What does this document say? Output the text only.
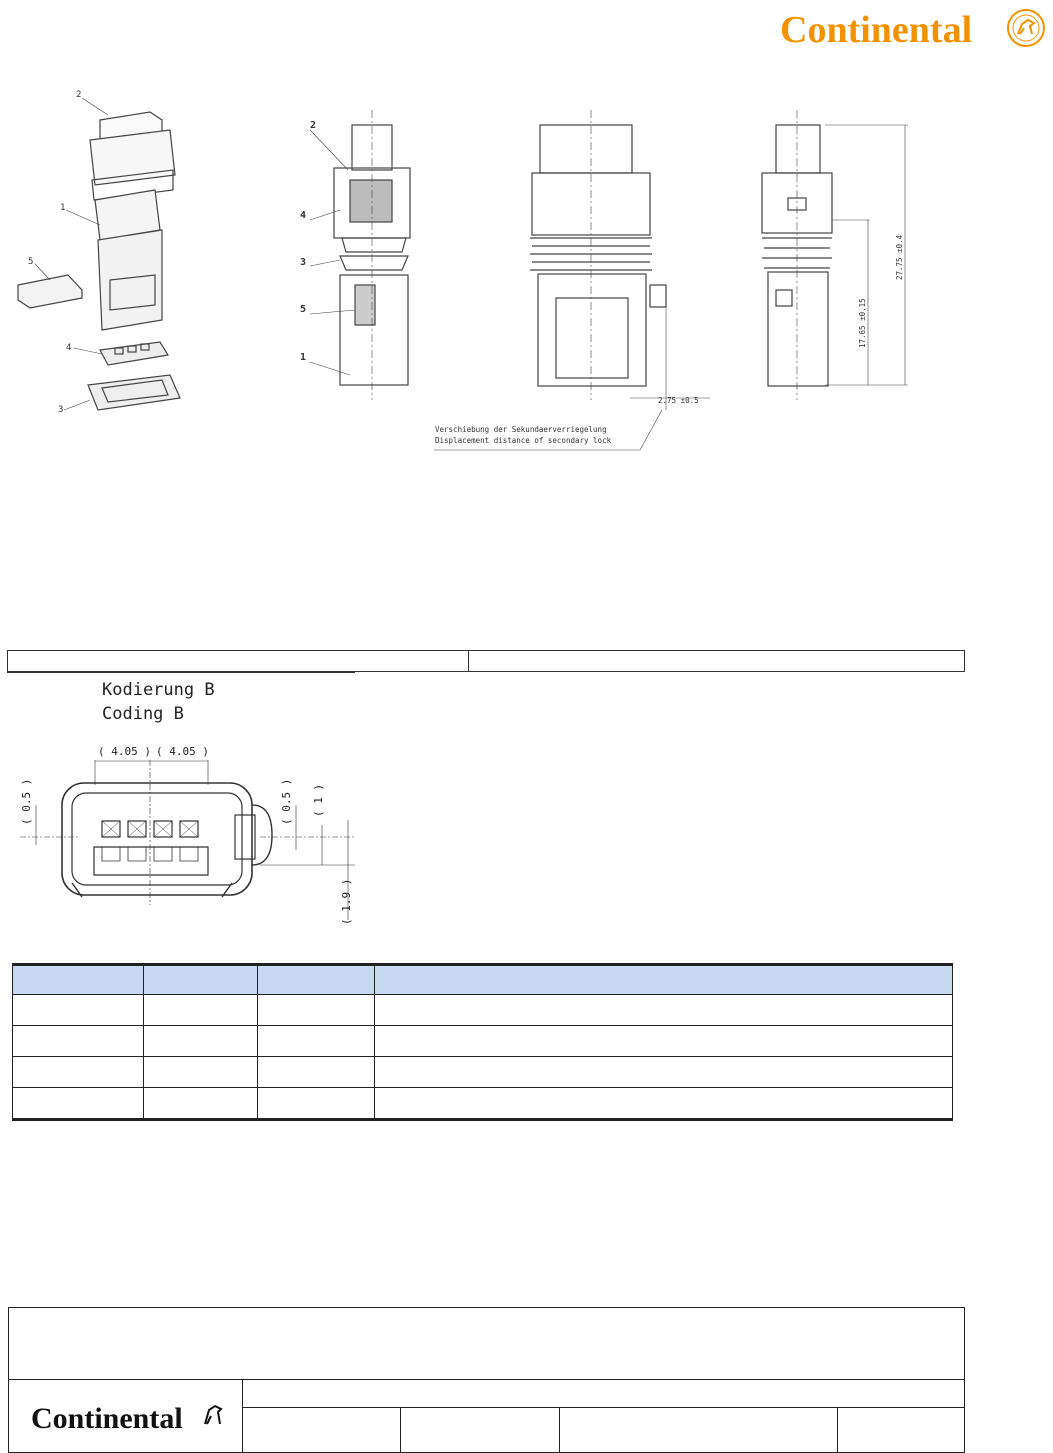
Continental
2
1
5
4
3
2
4
3
5
1
2.75 ±0.5
Verschiebung der Sekundaerverriegelung
Displacement distance of secondary lock
27.75 ±0.4
17.65 ±0.15
Kodierung B
Coding B
( 4.05 ) ( 4.05 )
( 0.5 )	( 0.5 ) ( 1 )
( 1.9 )

Continental
